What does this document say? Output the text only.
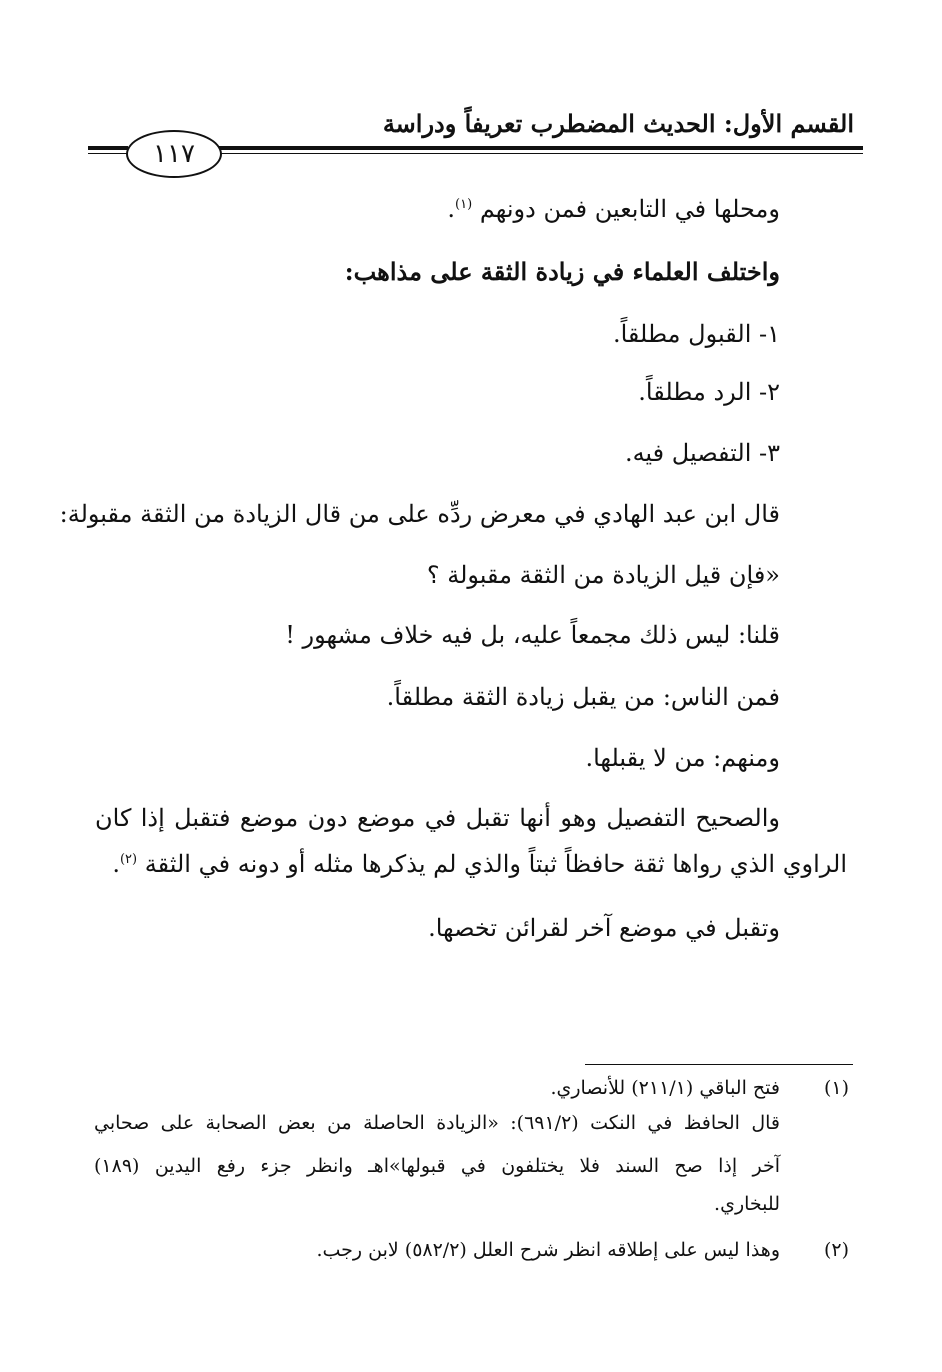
القسم الأول: الحديث المضطرب تعريفاً ودراسة
١١٧
ومحلها في التابعين فمن دونهم $^{(١)}$.
واختلف العلماء في زيادة الثقة على مذاهب:
١- القبول مطلقاً.
٢- الرد مطلقاً.
٣- التفصيل فيه.
قال ابن عبد الهادي في معرض ردِّه على من قال الزيادة من الثقة مقبولة:
«فإن قيل الزيادة من الثقة مقبولة ؟
قلنا: ليس ذلك مجمعاً عليه، بل فيه خلاف مشهور !
فمن الناس: من يقبل زيادة الثقة مطلقاً.
ومنهم: من لا يقبلها.
والصحيح التفصيل وهو أنها تقبل في موضع دون موضع فتقبل إذا كان
الراوي الذي رواها ثقة حافظاً ثبتاً والذي لم يذكرها مثله أو دونه في الثقة $^{(٢)}$.
وتقبل في موضع آخر لقرائن تخصها.
(١)
فتح الباقي (٢١١/١) للأنصاري.
قال الحافظ في النكت (٦٩١/٢): «الزيادة الحاصلة من بعض الصحابة على صحابي
آخر إذا صح السند فلا يختلفون في قبولها»اهـ وانظر جزء رفع اليدين (١٨٩)
للبخاري.
(٢)
وهذا ليس على إطلاقه انظر شرح العلل (٥٨٢/٢) لابن رجب.
